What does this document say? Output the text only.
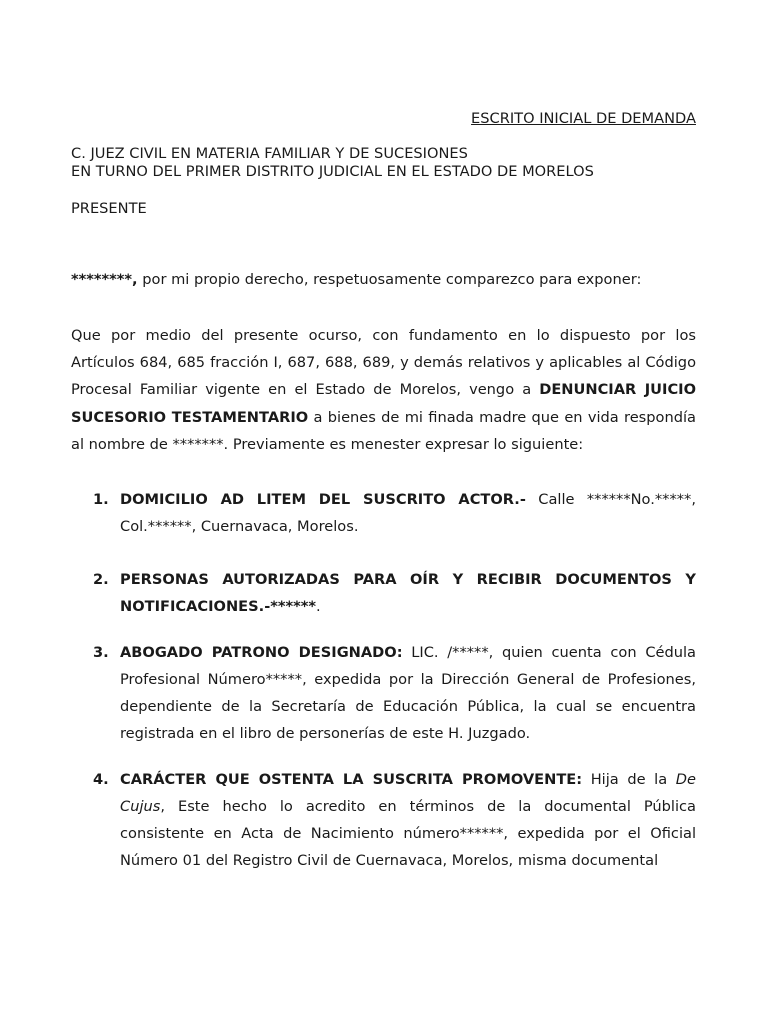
ESCRITO INICIAL DE DEMANDA
C. JUEZ CIVIL EN MATERIA FAMILIAR Y DE SUCESIONES
EN TURNO DEL PRIMER DISTRITO JUDICIAL EN EL ESTADO DE MORELOS
PRESENTE
********, por mi propio derecho, respetuosamente comparezco para exponer:

Que por medio del presente ocurso, con fundamento en lo dispuesto por los Artículos 684, 685 fracción I, 687, 688, 689, y demás relativos y aplicables al Código Procesal Familiar vigente en el Estado de Morelos, vengo a DENUNCIAR JUICIO SUCESORIO TESTAMENTARIO a bienes de mi finada madre que en vida respondía al nombre de *******. Previamente es menester expresar lo siguiente:

1. DOMICILIO AD LITEM DEL SUSCRITO ACTOR.- Calle ******No.*****, Col.******, Cuernavaca, Morelos.

2. PERSONAS AUTORIZADAS PARA OÍR Y RECIBIR DOCUMENTOS Y NOTIFICACIONES.-******.

3. ABOGADO PATRONO DESIGNADO: LIC. /*****, quien cuenta con Cédula Profesional Número*****, expedida por la Dirección General de Profesiones, dependiente de la Secretaría de Educación Pública, la cual se encuentra registrada en el libro de personerías de este H. Juzgado.

4. CARÁCTER QUE OSTENTA LA SUSCRITA PROMOVENTE: Hija de la De Cujus, Este hecho lo acredito en términos de la documental Pública consistente en Acta de Nacimiento número******, expedida por el Oficial Número 01 del Registro Civil de Cuernavaca, Morelos, misma documental
